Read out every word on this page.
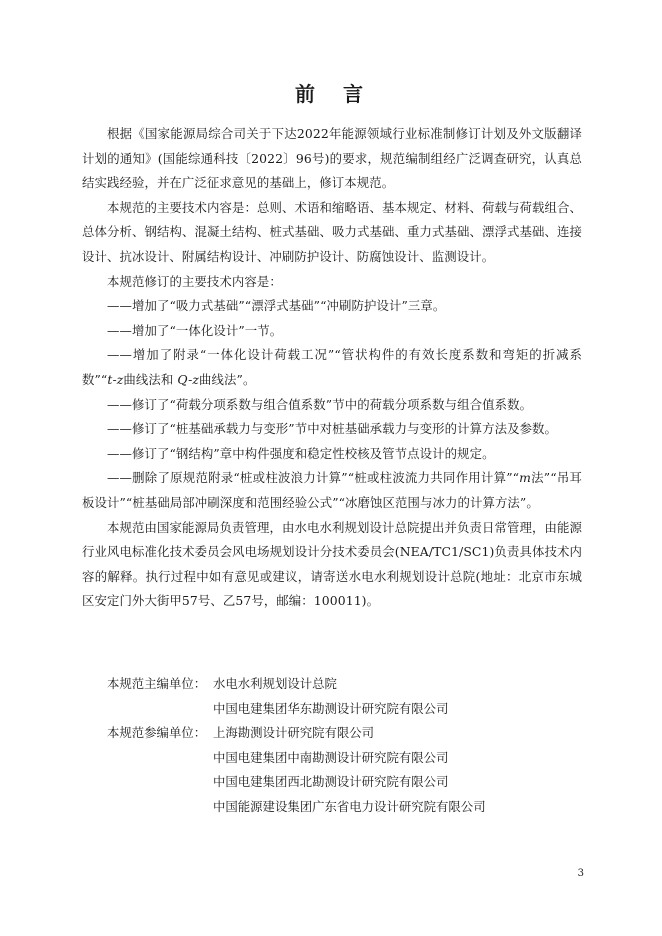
前　言

根据《国家能源局综合司关于下达2022年能源领域行业标准制修订计划及外文版翻译计划的通知》(国能综通科技〔2022〕96号)的要求，规范编制组经广泛调查研究，认真总结实践经验，并在广泛征求意见的基础上，修订本规范。

本规范的主要技术内容是：总则、术语和缩略语、基本规定、材料、荷载与荷载组合、总体分析、钢结构、混凝土结构、桩式基础、吸力式基础、重力式基础、漂浮式基础、连接设计、抗冰设计、附属结构设计、冲刷防护设计、防腐蚀设计、监测设计。

本规范修订的主要技术内容是：

——增加了“吸力式基础”“漂浮式基础”“冲刷防护设计”三章。

——增加了“一体化设计”一节。

——增加了附录“一体化设计荷载工况”“管状构件的有效长度系数和弯矩的折减系数”“t-z曲线法和 Q-z曲线法”。

——修订了“荷载分项系数与组合值系数”节中的荷载分项系数与组合值系数。

——修订了“桩基础承载力与变形”节中对桩基础承载力与变形的计算方法及参数。

——修订了“钢结构”章中构件强度和稳定性校核及管节点设计的规定。

——删除了原规范附录“桩或柱波浪力计算”“桩或柱波流力共同作用计算”“m法”“吊耳板设计”“桩基础局部冲刷深度和范围经验公式”“冰磨蚀区范围与冰力的计算方法”。

本规范由国家能源局负责管理，由水电水利规划设计总院提出并负责日常管理，由能源行业风电标准化技术委员会风电场规划设计分技术委员会(NEA/TC1/SC1)负责具体技术内容的解释。执行过程中如有意见或建议，请寄送水电水利规划设计总院(地址：北京市东城区安定门外大街甲57号、乙57号，邮编：100011)。

本规范主编单位： 水电水利规划设计总院
中国电建集团华东勘测设计研究院有限公司
本规范参编单位： 上海勘测设计研究院有限公司
中国电建集团中南勘测设计研究院有限公司
中国电建集团西北勘测设计研究院有限公司
中国能源建设集团广东省电力设计研究院有限公司
3
